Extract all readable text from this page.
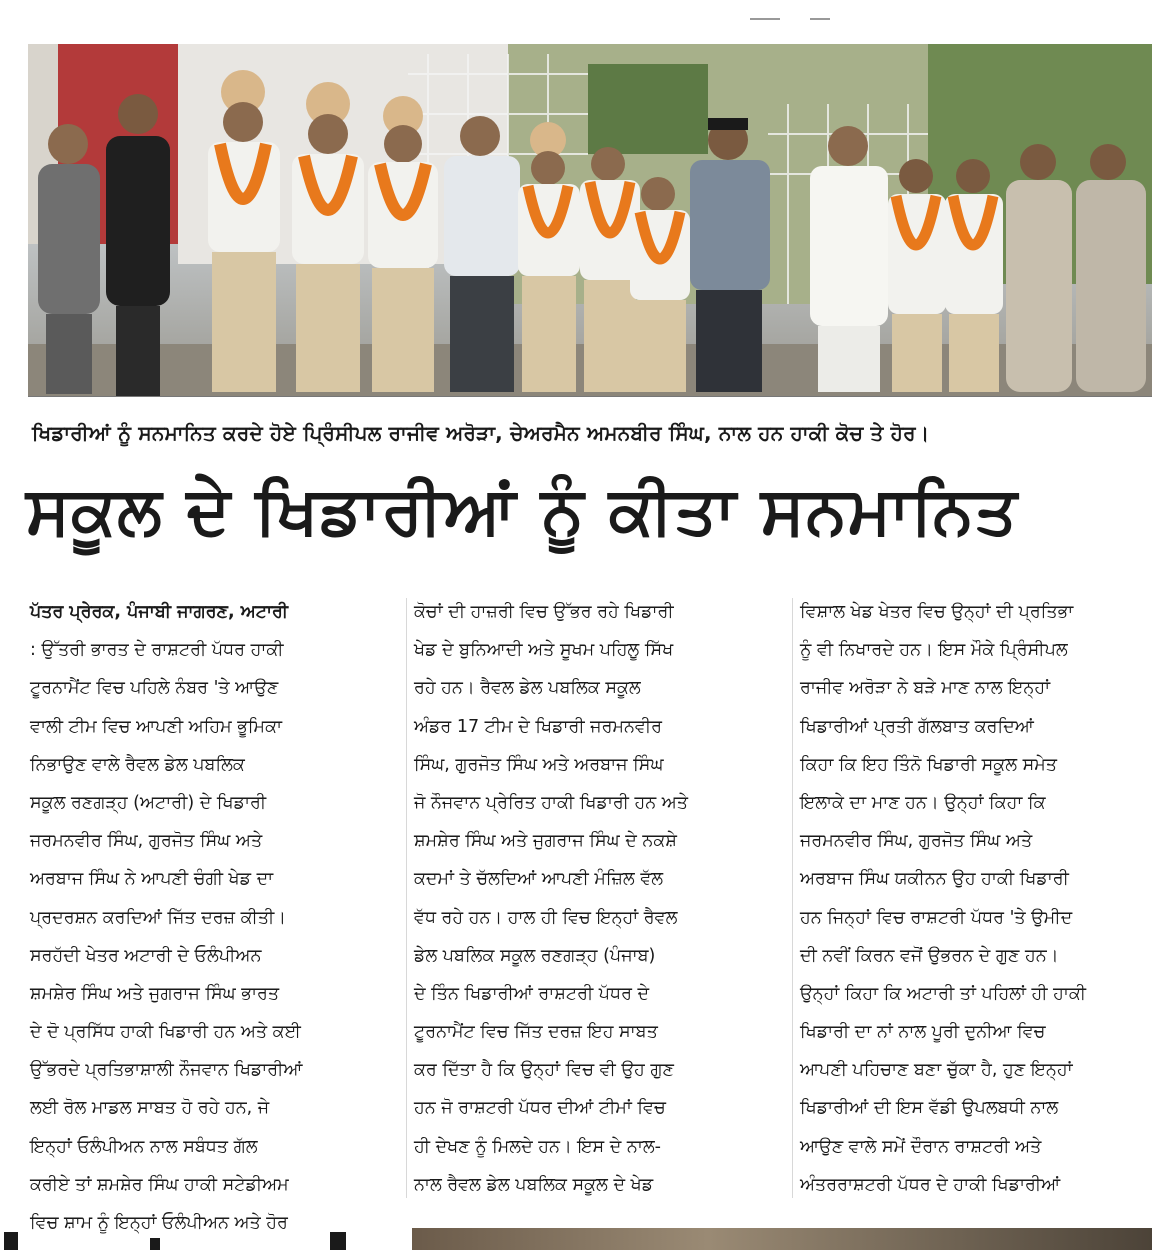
ਖਿਡਾਰੀਆਂ ਨੂੰ ਸਨਮਾਨਿਤ ਕਰਦੇ ਹੋਏ ਪ੍ਰਿੰਸੀਪਲ ਰਾਜੀਵ ਅਰੋੜਾ, ਚੇਅਰਮੈਨ ਅਮਨਬੀਰ ਸਿੰਘ, ਨਾਲ ਹਨ ਹਾਕੀ ਕੋਚ ਤੇ ਹੋਰ।
ਸਕੂਲ ਦੇ ਖਿਡਾਰੀਆਂ ਨੂੰ ਕੀਤਾ ਸਨਮਾਨਿਤ
ਪੱਤਰ ਪ੍ਰੇਰਕ, ਪੰਜਾਬੀ ਜਾਗਰਣ, ਅਟਾਰੀ
: ਉੱਤਰੀ ਭਾਰਤ ਦੇ ਰਾਸ਼ਟਰੀ ਪੱਧਰ ਹਾਕੀ
ਟੂਰਨਾਮੈਂਟ ਵਿਚ ਪਹਿਲੇ ਨੰਬਰ 'ਤੇ ਆਉਣ
ਵਾਲੀ ਟੀਮ ਵਿਚ ਆਪਣੀ ਅਹਿਮ ਭੂਮਿਕਾ
ਨਿਭਾਉਣ ਵਾਲੇ ਰੈਵਲ ਡੇਲ ਪਬਲਿਕ
ਸਕੂਲ ਰਣਗੜ੍ਹ (ਅਟਾਰੀ) ਦੇ ਖਿਡਾਰੀ
ਜਰਮਨਵੀਰ ਸਿੰਘ, ਗੁਰਜੋਤ ਸਿੰਘ ਅਤੇ
ਅਰਬਾਜ ਸਿੰਘ ਨੇ ਆਪਣੀ ਚੰਗੀ ਖੇਡ ਦਾ
ਪ੍ਰਦਰਸ਼ਨ ਕਰਦਿਆਂ ਜਿੱਤ ਦਰਜ਼ ਕੀਤੀ।
ਸਰਹੱਦੀ ਖੇਤਰ ਅਟਾਰੀ ਦੇ ਓਲੰਪੀਅਨ
ਸ਼ਮਸ਼ੇਰ ਸਿੰਘ ਅਤੇ ਜੁਗਰਾਜ ਸਿੰਘ ਭਾਰਤ
ਦੇ ਦੋ ਪ੍ਰਸਿੱਧ ਹਾਕੀ ਖਿਡਾਰੀ ਹਨ ਅਤੇ ਕਈ
ਉੱਭਰਦੇ ਪ੍ਰਤਿਭਾਸ਼ਾਲੀ ਨੌਜਵਾਨ ਖਿਡਾਰੀਆਂ
ਲਈ ਰੋਲ ਮਾਡਲ ਸਾਬਤ ਹੋ ਰਹੇ ਹਨ, ਜੇ
ਇਨ੍ਹਾਂ ਓਲੰਪੀਅਨ ਨਾਲ ਸਬੰਧਤ ਗੱਲ
ਕਰੀਏ ਤਾਂ ਸ਼ਮਸ਼ੇਰ ਸਿੰਘ ਹਾਕੀ ਸਟੇਡੀਅਮ
ਵਿਚ ਸ਼ਾਮ ਨੂੰ ਇਨ੍ਹਾਂ ਓਲੰਪੀਅਨ ਅਤੇ ਹੋਰ
ਕੋਚਾਂ ਦੀ ਹਾਜ਼ਰੀ ਵਿਚ ਉੱਭਰ ਰਹੇ ਖਿਡਾਰੀ
ਖੇਡ ਦੇ ਬੁਨਿਆਦੀ ਅਤੇ ਸੂਖਮ ਪਹਿਲੂ ਸਿੱਖ
ਰਹੇ ਹਨ। ਰੈਵਲ ਡੇਲ ਪਬਲਿਕ ਸਕੂਲ
ਅੰਡਰ 17 ਟੀਮ ਦੇ ਖਿਡਾਰੀ ਜਰਮਨਵੀਰ
ਸਿੰਘ, ਗੁਰਜੋਤ ਸਿੰਘ ਅਤੇ ਅਰਬਾਜ ਸਿੰਘ
ਜੋ ਨੌਜਵਾਨ ਪ੍ਰੇਰਿਤ ਹਾਕੀ ਖਿਡਾਰੀ ਹਨ ਅਤੇ
ਸ਼ਮਸ਼ੇਰ ਸਿੰਘ ਅਤੇ ਜੁਗਰਾਜ ਸਿੰਘ ਦੇ ਨਕਸ਼ੇ
ਕਦਮਾਂ ਤੇ ਚੱਲਦਿਆਂ ਆਪਣੀ ਮੰਜ਼ਿਲ ਵੱਲ
ਵੱਧ ਰਹੇ ਹਨ। ਹਾਲ ਹੀ ਵਿਚ ਇਨ੍ਹਾਂ ਰੈਵਲ
ਡੇਲ ਪਬਲਿਕ ਸਕੂਲ ਰਣਗੜ੍ਹ (ਪੰਜਾਬ)
ਦੇ ਤਿੰਨ ਖਿਡਾਰੀਆਂ ਰਾਸ਼ਟਰੀ ਪੱਧਰ ਦੇ
ਟੂਰਨਾਮੈਂਟ ਵਿਚ ਜਿੱਤ ਦਰਜ਼ ਇਹ ਸਾਬਤ
ਕਰ ਦਿੱਤਾ ਹੈ ਕਿ ਉਨ੍ਹਾਂ ਵਿਚ ਵੀ ਉਹ ਗੁਣ
ਹਨ ਜੋ ਰਾਸ਼ਟਰੀ ਪੱਧਰ ਦੀਆਂ ਟੀਮਾਂ ਵਿਚ
ਹੀ ਦੇਖਣ ਨੂੰ ਮਿਲਦੇ ਹਨ। ਇਸ ਦੇ ਨਾਲ-
ਨਾਲ ਰੈਵਲ ਡੇਲ ਪਬਲਿਕ ਸਕੂਲ ਦੇ ਖੇਡ
ਵਿਸ਼ਾਲ ਖੇਡ ਖੇਤਰ ਵਿਚ ਉਨ੍ਹਾਂ ਦੀ ਪ੍ਰਤਿਭਾ
ਨੂੰ ਵੀ ਨਿਖਾਰਦੇ ਹਨ। ਇਸ ਮੌਕੇ ਪ੍ਰਿੰਸੀਪਲ
ਰਾਜੀਵ ਅਰੋੜਾ ਨੇ ਬੜੇ ਮਾਣ ਨਾਲ ਇਨ੍ਹਾਂ
ਖਿਡਾਰੀਆਂ ਪ੍ਰਤੀ ਗੱਲਬਾਤ ਕਰਦਿਆਂ
ਕਿਹਾ ਕਿ ਇਹ ਤਿੰਨੋ ਖਿਡਾਰੀ ਸਕੂਲ ਸਮੇਤ
ਇਲਾਕੇ ਦਾ ਮਾਣ ਹਨ। ਉਨ੍ਹਾਂ ਕਿਹਾ ਕਿ
ਜਰਮਨਵੀਰ ਸਿੰਘ, ਗੁਰਜੋਤ ਸਿੰਘ ਅਤੇ
ਅਰਬਾਜ ਸਿੰਘ ਯਕੀਨਨ ਉਹ ਹਾਕੀ ਖਿਡਾਰੀ
ਹਨ ਜਿਨ੍ਹਾਂ ਵਿਚ ਰਾਸ਼ਟਰੀ ਪੱਧਰ 'ਤੇ ਉਮੀਦ
ਦੀ ਨਵੀਂ ਕਿਰਨ ਵਜੋਂ ਉਭਰਨ ਦੇ ਗੁਣ ਹਨ।
ਉਨ੍ਹਾਂ ਕਿਹਾ ਕਿ ਅਟਾਰੀ ਤਾਂ ਪਹਿਲਾਂ ਹੀ ਹਾਕੀ
ਖਿਡਾਰੀ ਦਾ ਨਾਂ ਨਾਲ ਪੂਰੀ ਦੁਨੀਆ ਵਿਚ
ਆਪਣੀ ਪਹਿਚਾਣ ਬਣਾ ਚੁੱਕਾ ਹੈ, ਹੁਣ ਇਨ੍ਹਾਂ
ਖਿਡਾਰੀਆਂ ਦੀ ਇਸ ਵੱਡੀ ਉਪਲਬਧੀ ਨਾਲ
ਆਉਣ ਵਾਲੇ ਸਮੇਂ ਦੌਰਾਨ ਰਾਸ਼ਟਰੀ ਅਤੇ
ਅੰਤਰਰਾਸ਼ਟਰੀ ਪੱਧਰ ਦੇ ਹਾਕੀ ਖਿਡਾਰੀਆਂ
